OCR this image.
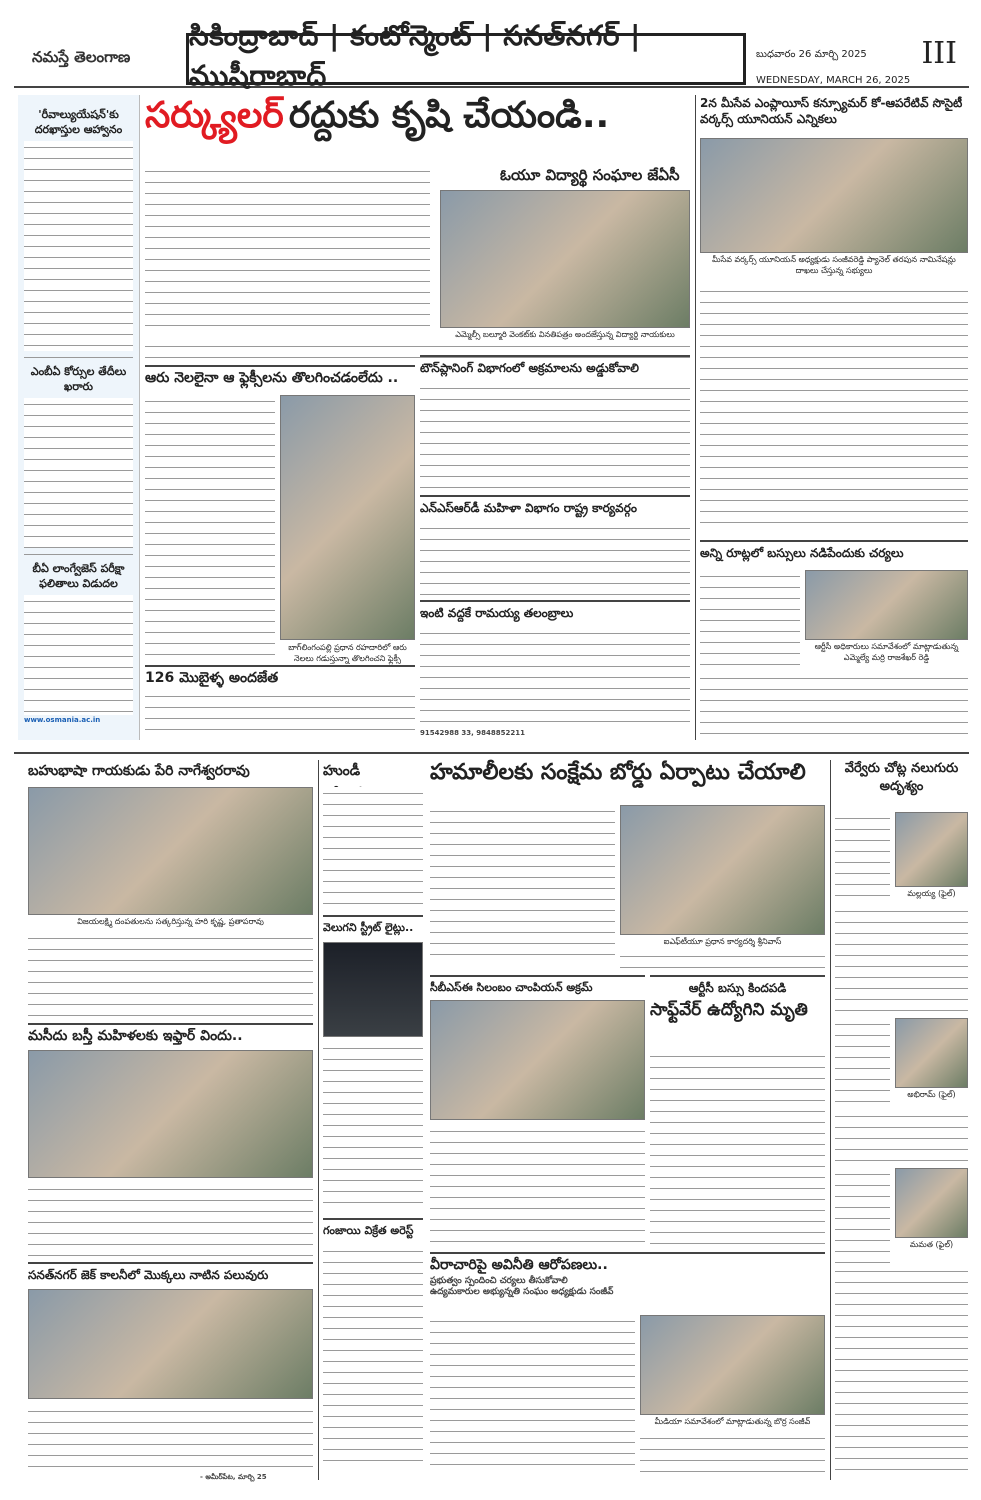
నమస్తే తెలంగాణ
సికింద్రాబాద్ | కంటోన్మెంట్ | సనత్‌నగర్ | ముషీరాబాద్
బుధవారం 26 మార్చి 2025
WEDNESDAY, MARCH 26, 2025
III
'రీవాల్యుయేషన్'కు దరఖాస్తుల ఆహ్వానం
ఎంబీఏ కోర్సుల తేదీలు ఖరారు
బీఏ లాంగ్వేజెస్ పరీక్షా ఫలితాలు విడుదల
www.osmania.ac.in
సర్క్యులర్ రద్దుకు కృషి చేయండి..
ఓయూ విద్యార్థి సంఘాల జేఏసీ
ఎమ్మెల్సీ బల్మూరి వెంకట్‌కు వినతిపత్రం అందజేస్తున్న విద్యార్థి నాయకులు
2న మీసేవ ఎంప్లాయీస్ కన్స్యూమర్ కో-ఆపరేటివ్ సొసైటీ వర్కర్స్ యూనియన్ ఎన్నికలు
మీసేవ వర్కర్స్ యూనియన్ అధ్యక్షుడు సంజీవరెడ్డి ప్యానెల్ తరపున నామినేషన్లు దాఖలు చేస్తున్న సభ్యులు
ఆరు నెలలైనా ఆ ఫ్లెక్సీలను తొలగించడంలేదు ..
బాగ్‌లింగంపల్లి ప్రధాన రహదారిలో ఆరు నెలలు గడుస్తున్నా తొలగించని ఫ్లెక్సీ
126 మొబైళ్ళ అందజేత
టౌన్‌ప్లానింగ్ విభాగంలో అక్రమాలను అడ్డుకోవాలి
ఎన్‌ఎస్‌ఆర్‌డీ మహిళా విభాగం రాష్ట్ర కార్యవర్గం
ఇంటి వద్దకే రామయ్య తలంబ్రాలు
91542988 33, 9848852211
అన్ని రూట్లలో బస్సులు నడిపేందుకు చర్యలు
ఆర్టీసీ అధికారులు సమావేశంలో మాట్లాడుతున్న ఎమ్మెల్యే మర్రి రాజశేఖర్ రెడ్డి
బహుభాషా గాయకుడు పేరి నాగేశ్వరరావు
విజయలక్ష్మి దంపతులను సత్కరిస్తున్న హరి కృష్ణ, ప్రతాపరావు
మసీదు బస్తీ మహిళలకు ఇఫ్తార్ విందు..
సనత్‌నగర్ జెక్ కాలనీలో మొక్కలు నాటిన పలువురు
- అమీర్‌పేట, మార్చి 25
హుండీ
వెలుగని స్ట్రీట్ లైట్లు..
గంజాయి విక్రేత అరెస్ట్
హమాలీలకు సంక్షేమ బోర్డు ఏర్పాటు చేయాలి
ఐఎఫ్‌టీయూ ప్రధాన కార్యదర్శి శ్రీనివాస్
సీబీఎస్ఈ సిలంబం చాంపియన్ అక్రమ్	ఆర్టీసీ బస్సు కిందపడి
సాఫ్ట్‌వేర్ ఉద్యోగిని మృతి
వీరాచారిపై అవినీతి ఆరోపణలు..
ప్రభుత్వం స్పందించి చర్యలు తీసుకోవాలి
ఉద్యమకారుల అభ్యున్నతి సంఘం అధ్యక్షుడు సంజీవ్
మీడియా సమావేశంలో మాట్లాడుతున్న బొర్ర సంజీవ్
వేర్వేరు చోట్ల నలుగురు అదృశ్యం
మల్లయ్య (ఫైల్)
అభిరామ్ (ఫైల్)
మమత (ఫైల్)
